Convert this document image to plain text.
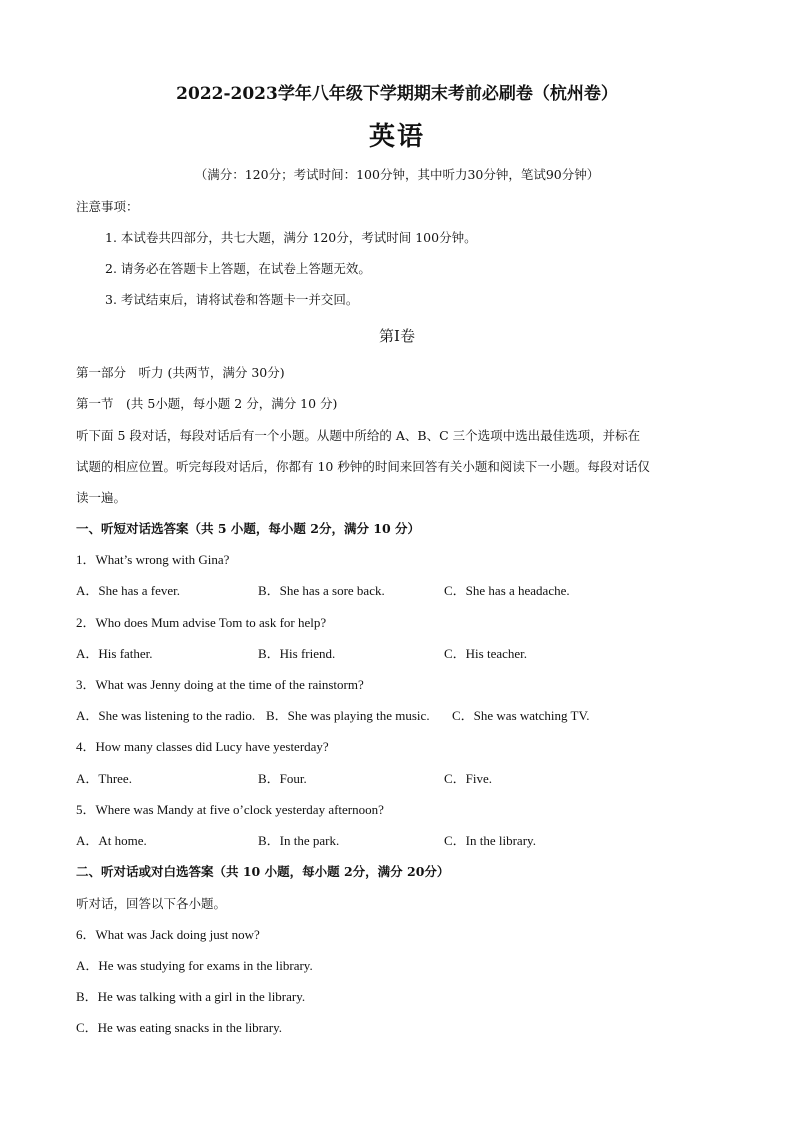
2022-2023学年八年级下学期期末考前必刷卷（杭州卷）
英语
（满分：120分；考试时间：100分钟，其中听力30分钟，笔试90分钟）
注意事项：
1. 本试卷共四部分，共七大题，满分 120分，考试时间 100分钟。
2. 请务必在答题卡上答题，在试卷上答题无效。
3. 考试结束后，请将试卷和答题卡一并交回。
第I卷
第一部分　听力 (共两节，满分 30分)
第一节　(共 5小题，每小题 2 分，满分 10 分)
听下面 5 段对话，每段对话后有一个小题。从题中所给的 A、B、C 三个选项中选出最佳选项，并标在
试题的相应位置。听完每段对话后，你都有 10 秒钟的时间来回答有关小题和阅读下一小题。每段对话仅
读一遍。
一、听短对话选答案（共 5 小题，每小题 2分，满分 10 分）
1．What’s wrong with Gina?
A．She has a fever.	B．She has a sore back.	C．She has a headache.
2．Who does Mum advise Tom to ask for help?
A．His father.	B．His friend.	C．His teacher.
3．What was Jenny doing at the time of the rainstorm?
A．She was listening to the radio. B．She was playing the music. C．She was watching TV.
4．How many classes did Lucy have yesterday?
A．Three.	B．Four.	C．Five.
5．Where was Mandy at five o’clock yesterday afternoon?
A．At home.	B．In the park.	C．In the library.
二、听对话或对白选答案（共 10 小题，每小题 2分，满分 20分）
听对话，回答以下各小题。
6．What was Jack doing just now?
A．He was studying for exams in the library.
B．He was talking with a girl in the library.
C．He was eating snacks in the library.
